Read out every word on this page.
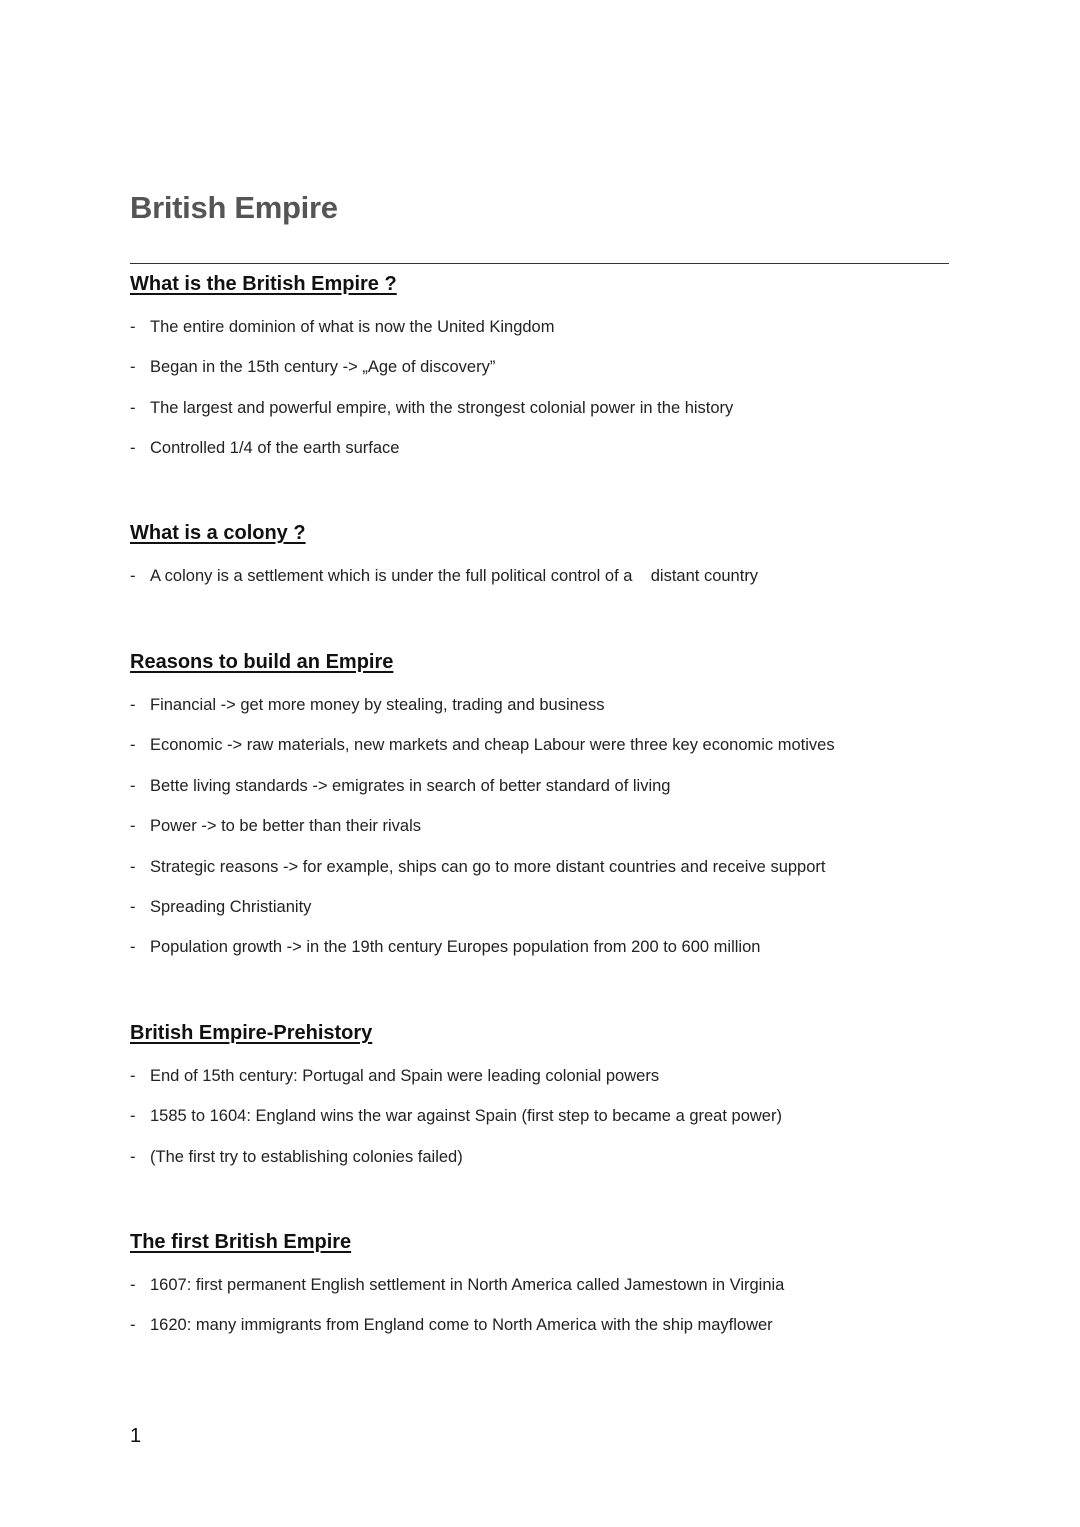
British Empire
What is the British Empire ?
- The entire dominion of what is now the United Kingdom
- Began in the 15th century -> „Age of discovery”
- The largest and powerful empire, with the strongest colonial power in the history
- Controlled 1/4 of the earth surface
What is a colony ?
- A colony is a settlement which is under the full political control of a    distant country
Reasons to build an Empire
- Financial -> get more money by stealing, trading and business
- Economic -> raw materials, new markets and cheap Labour were three key economic motives
- Bette living standards -> emigrates in search of better standard of living
- Power -> to be better than their rivals
- Strategic reasons -> for example, ships can go to more distant countries and receive support
- Spreading Christianity
- Population growth -> in the 19th century Europes population from 200 to 600 million
British Empire-Prehistory
- End of 15th century: Portugal and Spain were leading colonial powers
- 1585 to 1604: England wins the war against Spain (first step to became a great power)
- (The first try to establishing colonies failed)
The first British Empire
- 1607: first permanent English settlement in North America called Jamestown in Virginia
- 1620: many immigrants from England come to North America with the ship mayflower
1
